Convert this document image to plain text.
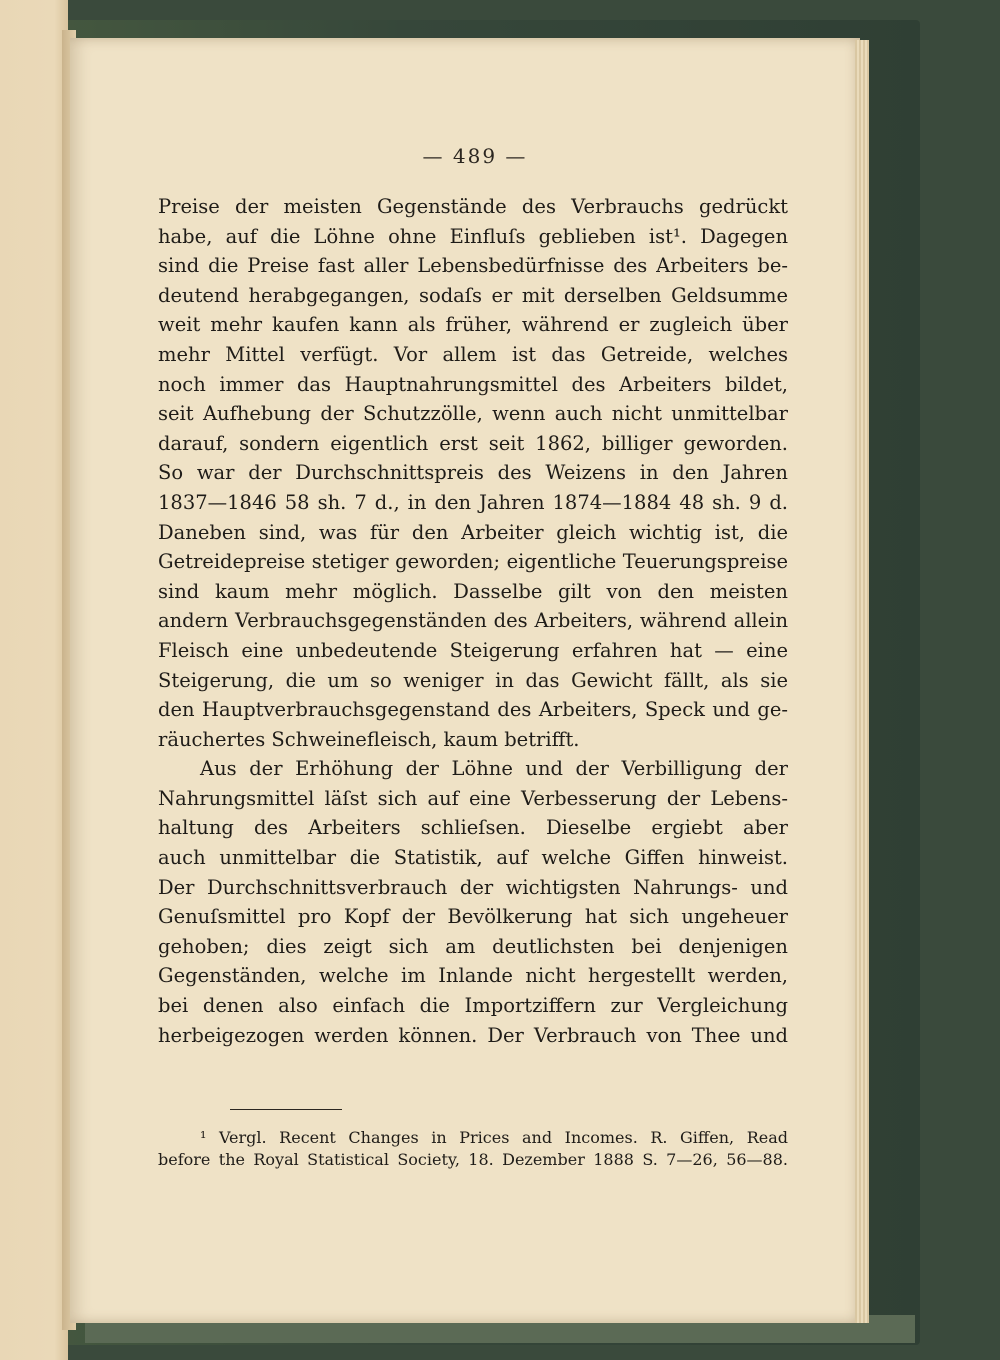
— 489 —
Preise der meisten Gegenstände des Verbrauchs gedrückt
habe, auf die Löhne ohne Einfluſs geblieben ist¹. Dagegen
sind die Preise fast aller Lebensbedürfnisse des Arbeiters be-
deutend herabgegangen, sodaſs er mit derselben Geldsumme
weit mehr kaufen kann als früher, während er zugleich über
mehr Mittel verfügt. Vor allem ist das Getreide, welches
noch immer das Hauptnahrungsmittel des Arbeiters bildet,
seit Aufhebung der Schutzzölle, wenn auch nicht unmittelbar
darauf, sondern eigentlich erst seit 1862, billiger geworden.
So war der Durchschnittspreis des Weizens in den Jahren
1837—1846 58 sh. 7 d., in den Jahren 1874—1884 48 sh. 9 d.
Daneben sind, was für den Arbeiter gleich wichtig ist, die
Getreidepreise stetiger geworden; eigentliche Teuerungspreise
sind kaum mehr möglich. Dasselbe gilt von den meisten
andern Verbrauchsgegenständen des Arbeiters, während allein
Fleisch eine unbedeutende Steigerung erfahren hat — eine
Steigerung, die um so weniger in das Gewicht fällt, als sie
den Hauptverbrauchsgegenstand des Arbeiters, Speck und ge-
räuchertes Schweinefleisch, kaum betrifft.
Aus der Erhöhung der Löhne und der Verbilligung der
Nahrungsmittel läſst sich auf eine Verbesserung der Lebens-
haltung des Arbeiters schlieſsen. Dieselbe ergiebt aber
auch unmittelbar die Statistik, auf welche Giffen hinweist.
Der Durchschnittsverbrauch der wichtigsten Nahrungs- und
Genuſsmittel pro Kopf der Bevölkerung hat sich ungeheuer
gehoben; dies zeigt sich am deutlichsten bei denjenigen
Gegenständen, welche im Inlande nicht hergestellt werden,
bei denen also einfach die Importziffern zur Vergleichung
herbeigezogen werden können. Der Verbrauch von Thee und
¹ Vergl. Recent Changes in Prices and Incomes. R. Giffen, Read
before the Royal Statistical Society, 18. Dezember 1888 S. 7—26, 56—88.
